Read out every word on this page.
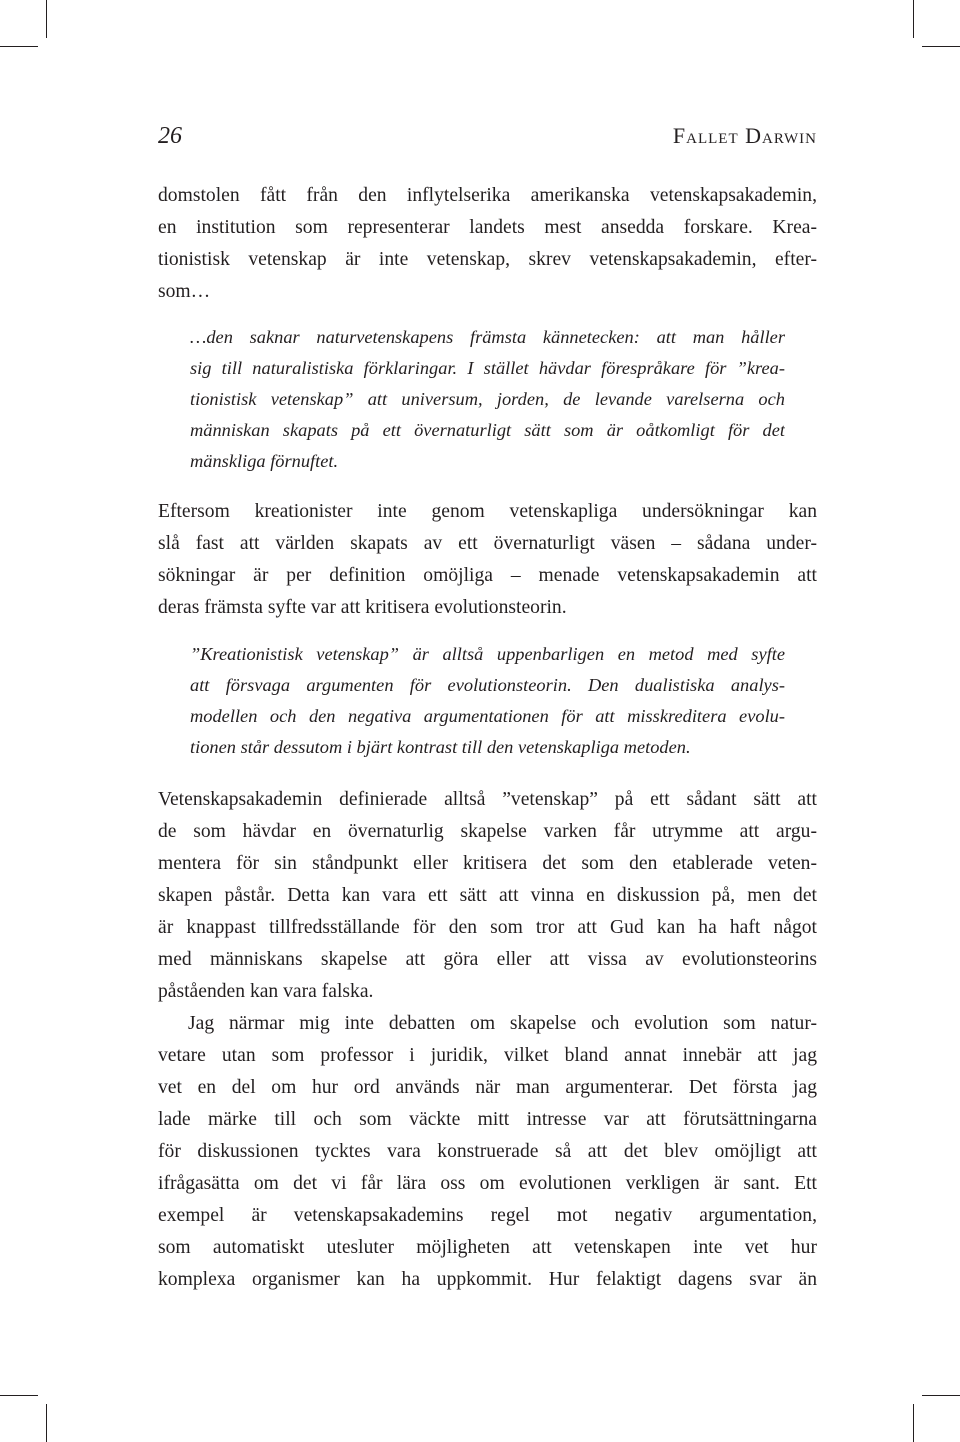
26	Fallet Darwin
domstolen fått från den inflytelserika amerikanska vetenskapsakademin,
en institution som representerar landets mest ansedda forskare. Krea-
tionistisk vetenskap är inte vetenskap, skrev vetenskapsakademin, efter-
som…
…den saknar naturvetenskapens främsta kännetecken: att man håller
sig till naturalistiska förklaringar. I stället hävdar förespråkare för ”krea-
tionistisk vetenskap” att universum, jorden, de levande varelserna och
människan skapats på ett övernaturligt sätt som är oåtkomligt för det
mänskliga förnuftet.
Eftersom kreationister inte genom vetenskapliga undersökningar kan
slå fast att världen skapats av ett övernaturligt väsen – sådana under-
sökningar är per definition omöjliga – menade vetenskapsakademin att
deras främsta syfte var att kritisera evolutionsteorin.
”Kreationistisk vetenskap” är alltså uppenbarligen en metod med syfte
att försvaga argumenten för evolutionsteorin. Den dualistiska analys-
modellen och den negativa argumentationen för att misskreditera evolu-
tionen står dessutom i bjärt kontrast till den vetenskapliga metoden.
Vetenskapsakademin definierade alltså ”vetenskap” på ett sådant sätt att
de som hävdar en övernaturlig skapelse varken får utrymme att argu-
mentera för sin ståndpunkt eller kritisera det som den etablerade veten-
skapen påstår. Detta kan vara ett sätt att vinna en diskussion på, men det
är knappast tillfredsställande för den som tror att Gud kan ha haft något
med människans skapelse att göra eller att vissa av evolutionsteorins
påståenden kan vara falska.
Jag närmar mig inte debatten om skapelse och evolution som natur-
vetare utan som professor i juridik, vilket bland annat innebär att jag
vet en del om hur ord används när man argumenterar. Det första jag
lade märke till och som väckte mitt intresse var att förutsättningarna
för diskussionen tycktes vara konstruerade så att det blev omöjligt att
ifrågasätta om det vi får lära oss om evolutionen verkligen är sant. Ett
exempel är vetenskapsakademins regel mot negativ argumentation,
som automatiskt utesluter möjligheten att vetenskapen inte vet hur
komplexa organismer kan ha uppkommit. Hur felaktigt dagens svar än
